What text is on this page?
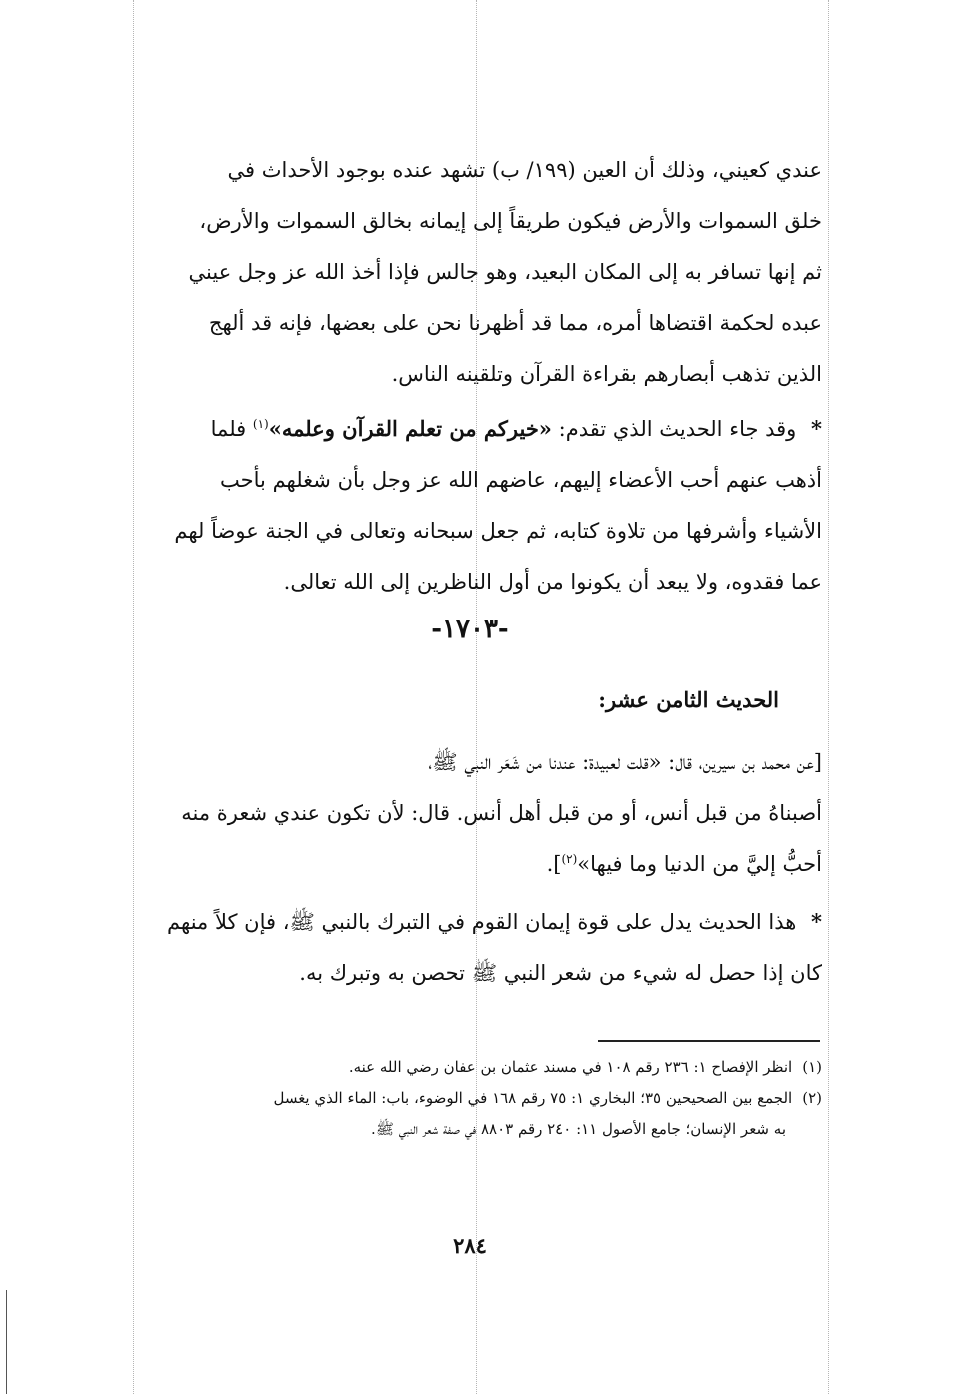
عندي كعيني، وذلك أن العين (١٩٩/ ب) تشهد عنده بوجود الأحداث في

خلق السموات والأرض فيكون طريقاً إلى إيمانه بخالق السموات والأرض،

ثم إنها تسافر به إلى المكان البعيد، وهو جالس فإذا أخذ الله عز وجل عيني

عبده لحكمة اقتضاها أمره، مما قد أظهرنا نحن على بعضها، فإنه قد ألهج

الذين تذهب أبصارهم بقراءة القرآن وتلقينه الناس.

* وقد جاء الحديث الذي تقدم: «خيركم من تعلم القرآن وعلمه»$^{(١)}$ فلما

أذهب عنهم أحب الأعضاء إليهم، عاضهم الله عز وجل بأن شغلهم بأحب

الأشياء وأشرفها من تلاوة كتابه، ثم جعل سبحانه وتعالى في الجنة عوضاً لهم

عما فقدوه، ولا يبعد أن يكونوا من أول الناظرين إلى الله تعالى.

-١٧٠٣-
الحديث الثامن عشر:

[عن محمد بن سيرين، قال: «قلت لعبيدة: عندنا من شَعَر النبي ﷺ،

أصبناهُ من قبل أنس، أو من قبل أهل أنس. قال: لأن تكون عندي شعرة منه

أحبُّ إليَّ من الدنيا وما فيها»$^{(٢)}$].

* هذا الحديث يدل على قوة إيمان القوم في التبرك بالنبي ﷺ، فإن كلاً منهم

كان إذا حصل له شيء من شعر النبي ﷺ تحصن به وتبرك به.

(١)انظر الإفصاح ١: ٢٣٦ رقم ١٠٨ في مسند عثمان بن عفان رضي الله عنه.

(٢)الجمع بين الصحيحين ٣٥؛ البخاري ١: ٧٥ رقم ١٦٨ في الوضوء، باب: الماء الذي يغسل

به شعر الإنسان؛ جامع الأصول ١١: ٢٤٠ رقم ٨٨٠٣ في صفة شعر النبي ﷺ.

٢٨٤
